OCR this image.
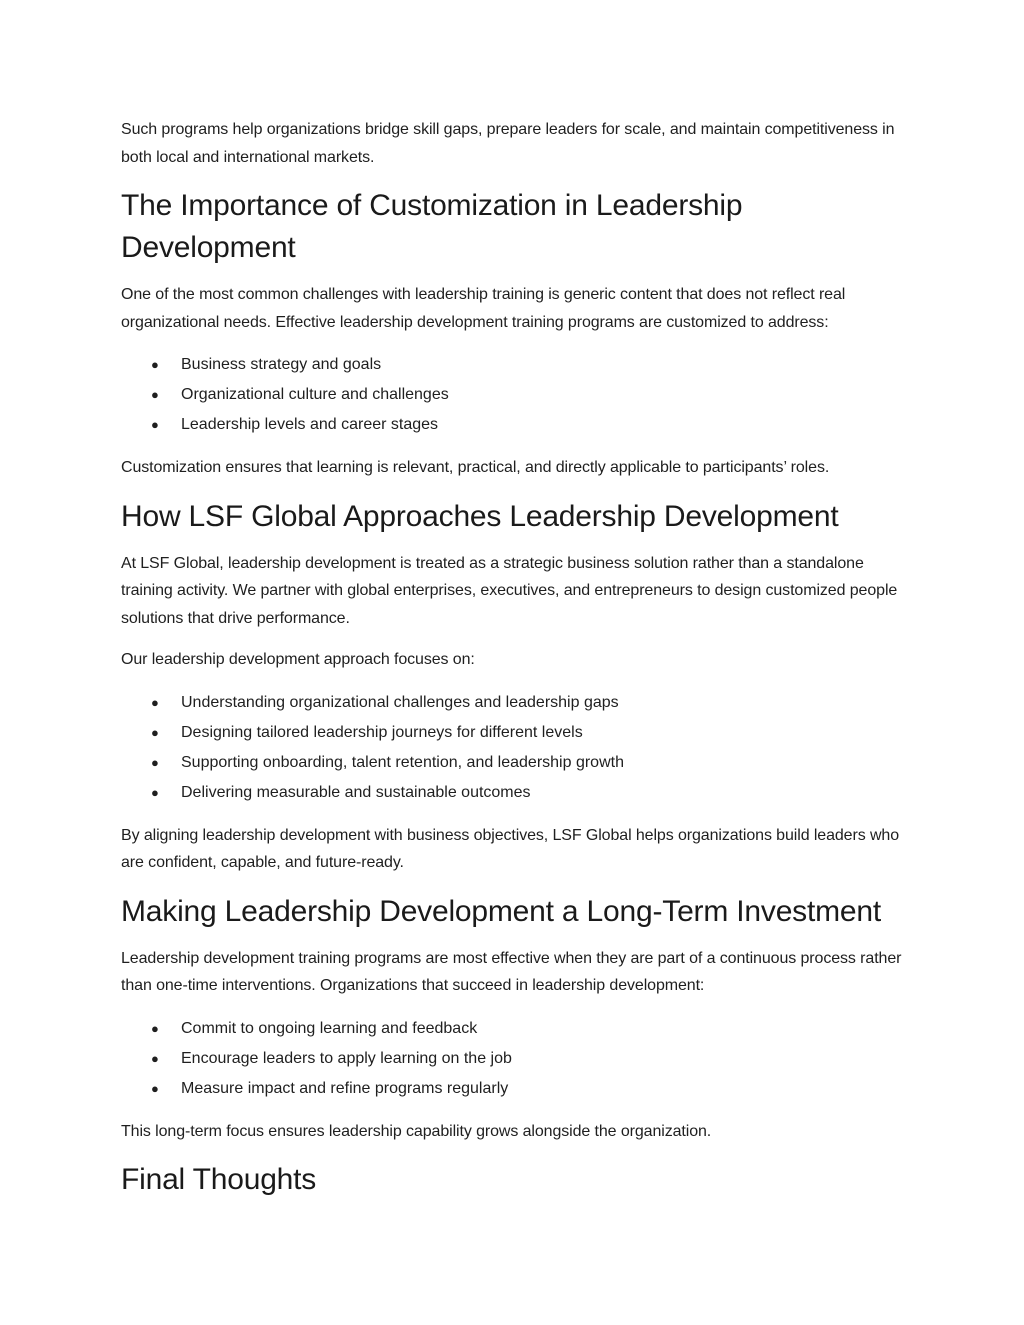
Such programs help organizations bridge skill gaps, prepare leaders for scale, and maintain competitiveness in both local and international markets.

The Importance of Customization in Leadership Development

One of the most common challenges with leadership training is generic content that does not reflect real organizational needs. Effective leadership development training programs are customized to address:

● Business strategy and goals
● Organizational culture and challenges
● Leadership levels and career stages

Customization ensures that learning is relevant, practical, and directly applicable to participants’ roles.

How LSF Global Approaches Leadership Development

At LSF Global, leadership development is treated as a strategic business solution rather than a standalone training activity. We partner with global enterprises, executives, and entrepreneurs to design customized people solutions that drive performance.

Our leadership development approach focuses on:

● Understanding organizational challenges and leadership gaps
● Designing tailored leadership journeys for different levels
● Supporting onboarding, talent retention, and leadership growth
● Delivering measurable and sustainable outcomes

By aligning leadership development with business objectives, LSF Global helps organizations build leaders who are confident, capable, and future-ready.

Making Leadership Development a Long-Term Investment

Leadership development training programs are most effective when they are part of a continuous process rather than one-time interventions. Organizations that succeed in leadership development:

● Commit to ongoing learning and feedback
● Encourage leaders to apply learning on the job
● Measure impact and refine programs regularly

This long-term focus ensures leadership capability grows alongside the organization.

Final Thoughts
